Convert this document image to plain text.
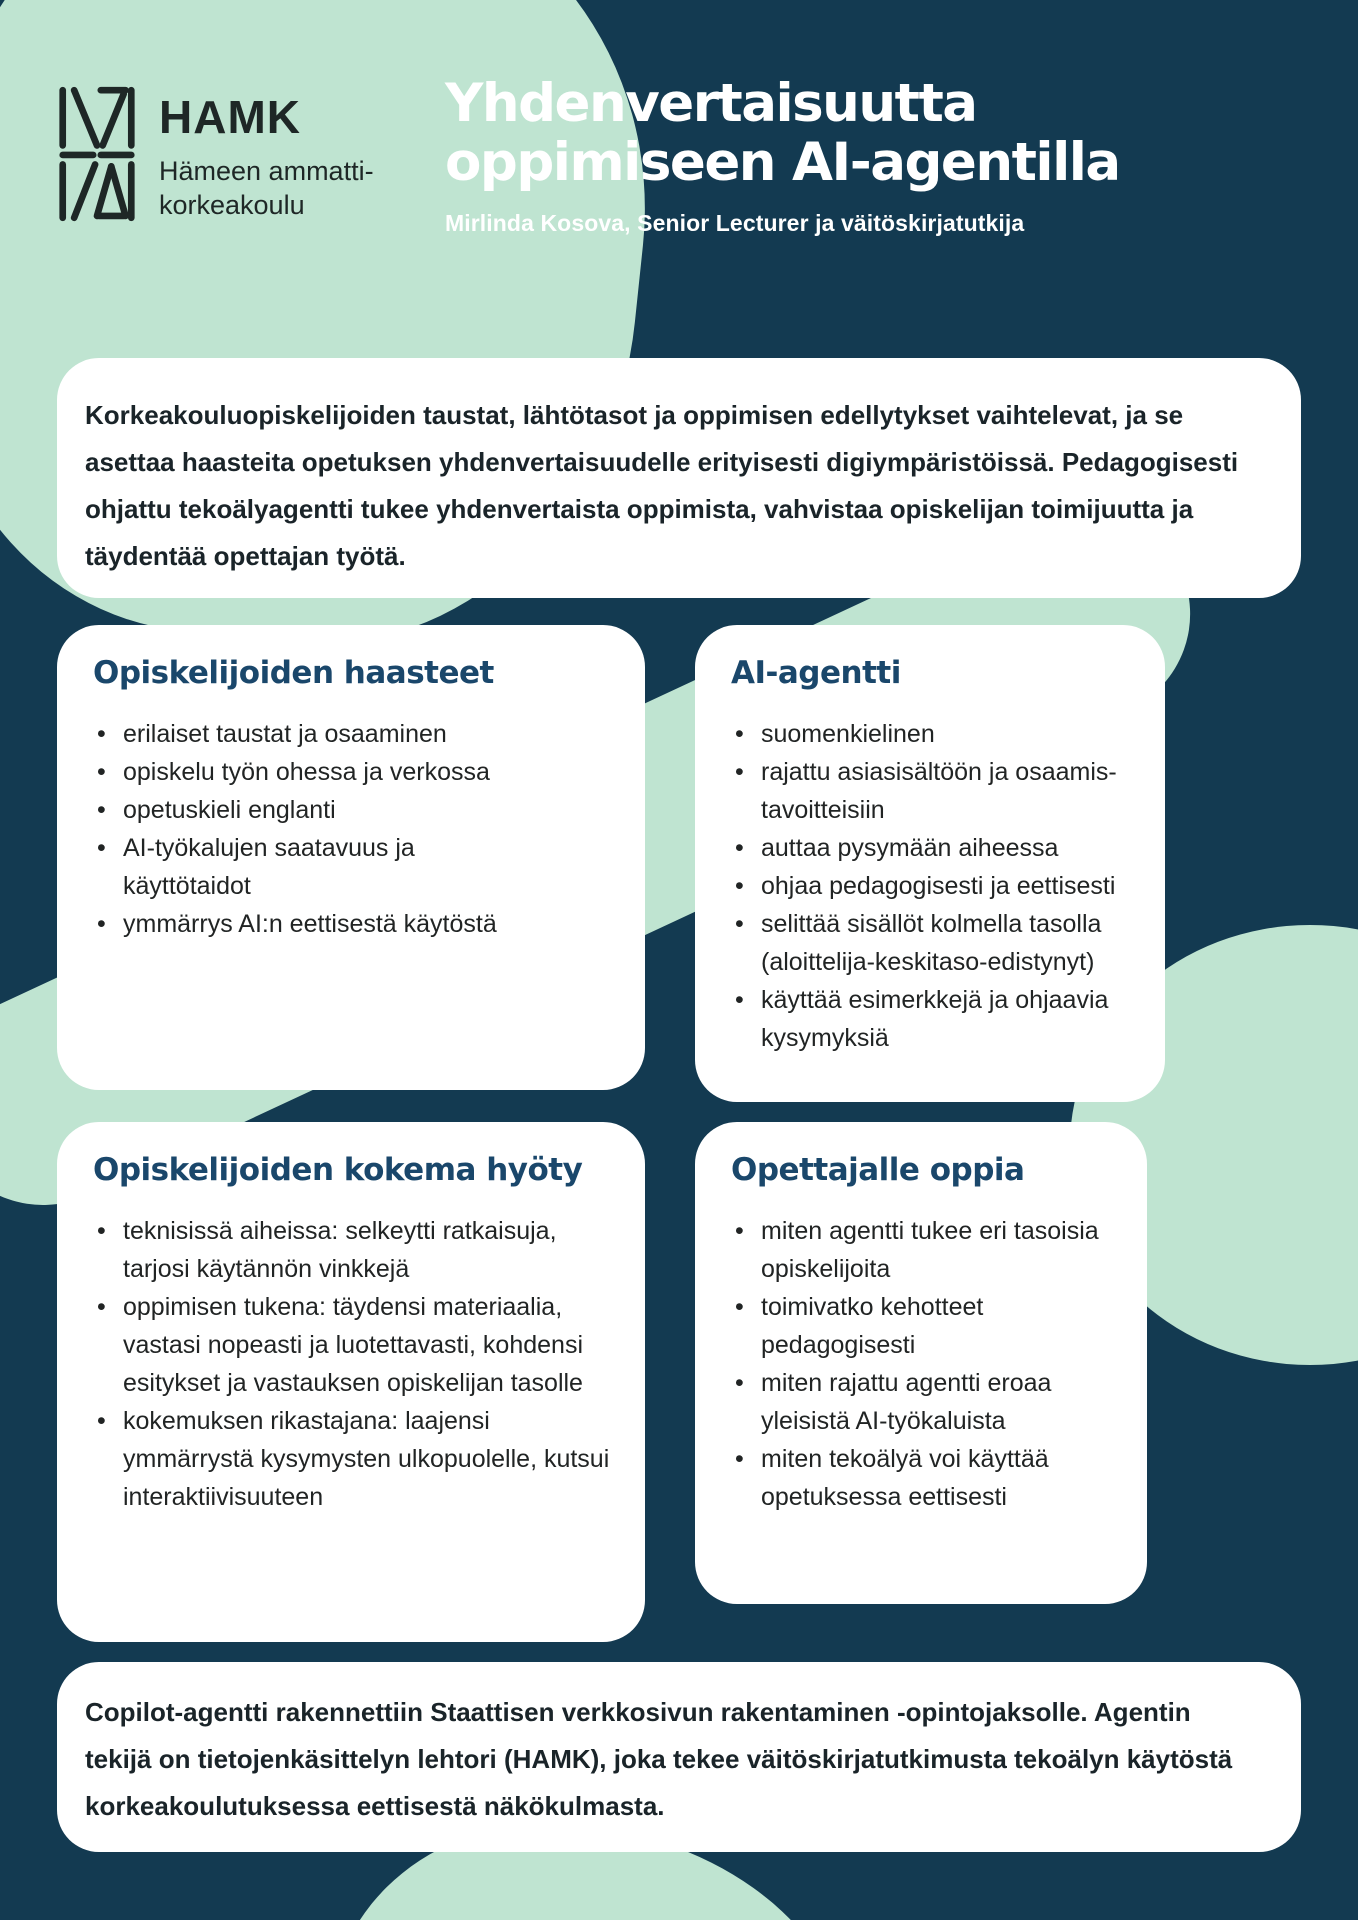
HAMK
Hämeen ammatti-
korkeakoulu
Yhdenvertaisuutta
oppimiseen AI-agentilla
Mirlinda Kosova, Senior Lecturer ja väitöskirjatutkija

Korkeakouluopiskelijoiden taustat, lähtötasot ja oppimisen edellytykset vaihtelevat, ja se asettaa haasteita opetuksen yhdenvertaisuudelle erityisesti digiympäristöissä. Pedagogisesti ohjattu tekoälyagentti tukee yhdenvertaista oppimista, vahvistaa opiskelijan toimijuutta ja täydentää opettajan työtä.

Opiskelijoiden haasteet
• erilaiset taustat ja osaaminen
• opiskelu työn ohessa ja verkossa
• opetuskieli englanti
• AI-työkalujen saatavuus ja käyttötaidot
• ymmärrys AI:n eettisestä käytöstä
AI-agentti
• suomenkielinen
• rajattu asiasisältöön ja osaamis-tavoitteisiin
• auttaa pysymään aiheessa
• ohjaa pedagogisesti ja eettisesti
• selittää sisällöt kolmella tasolla (aloittelija-keskitaso-edistynyt)
• käyttää esimerkkejä ja ohjaavia kysymyksiä
Opiskelijoiden kokema hyöty
• teknisissä aiheissa: selkeytti ratkaisuja, tarjosi käytännön vinkkejä
• oppimisen tukena: täydensi materiaalia, vastasi nopeasti ja luotettavasti, kohdensi esitykset ja vastauksen opiskelijan tasolle
• kokemuksen rikastajana: laajensi ymmärrystä kysymysten ulkopuolelle, kutsui interaktiivisuuteen
Opettajalle oppia
• miten agentti tukee eri tasoisia opiskelijoita
• toimivatko kehotteet pedagogisesti
• miten rajattu agentti eroaa yleisistä AI-työkaluista
• miten tekoälyä voi käyttää opetuksessa eettisesti

Copilot-agentti rakennettiin Staattisen verkkosivun rakentaminen -opintojaksolle. Agentin tekijä on tietojenkäsittelyn lehtori (HAMK), joka tekee väitöskirjatutkimusta tekoälyn käytöstä korkeakoulutuksessa eettisestä näkökulmasta.
